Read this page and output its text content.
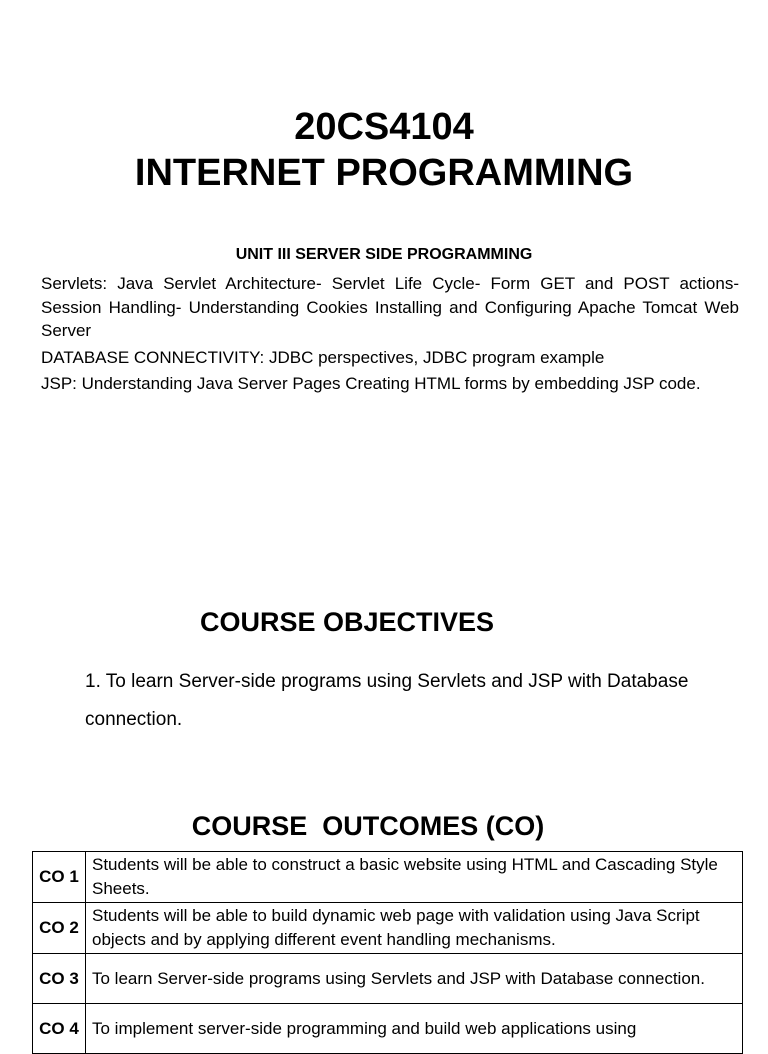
20CS4104
INTERNET PROGRAMMING
UNIT III SERVER SIDE PROGRAMMING

Servlets: Java Servlet Architecture- Servlet Life Cycle- Form GET and POST actions- Session Handling- Understanding Cookies Installing and Configuring Apache Tomcat Web Server

DATABASE CONNECTIVITY: JDBC perspectives, JDBC program example

JSP: Understanding Java Server Pages Creating HTML forms by embedding JSP code.

COURSE OBJECTIVES
1. To learn Server-side programs using Servlets and JSP with Database connection.
COURSE  OUTCOMES (CO)
CO 1	Students will be able to construct a basic website using HTML and Cascading Style Sheets.
CO 2	Students will be able to build dynamic web page with validation using Java Script objects and by applying different event handling mechanisms.
CO 3	To learn Server-side programs using Servlets and JSP with Database connection.
CO 4	To implement server-side programming and build web applications using
